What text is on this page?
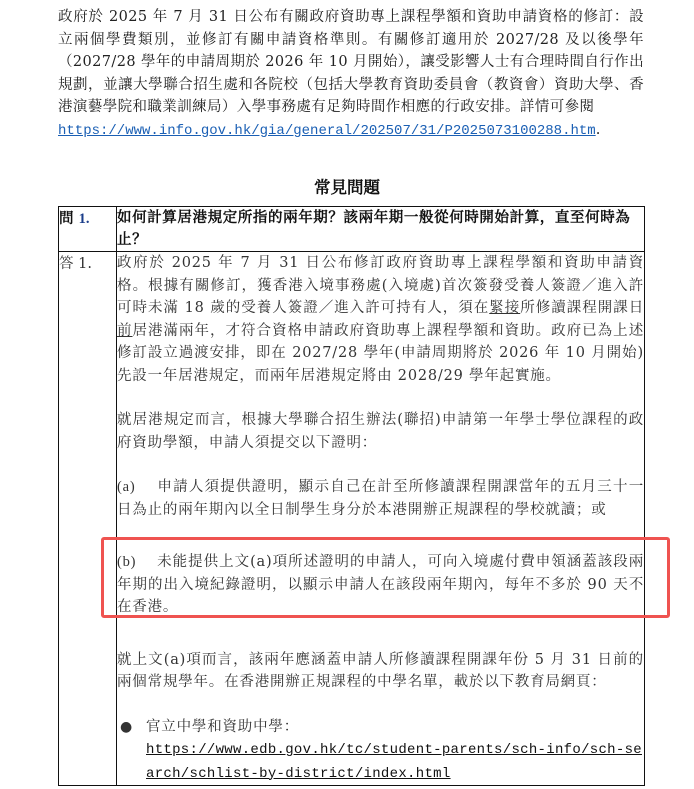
政府於 2025 年 7 月 31 日公布有關政府資助專上課程學額和資助申請資格的修訂：設立兩個學費類別，並修訂有關申請資格準則。有關修訂適用於 2027/28 及以後學年（2027/28 學年的申請周期於 2026 年 10 月開始），讓受影響人士有合理時間自行作出規劃，並讓大學聯合招生處和各院校（包括大學教育資助委員會（教資會）資助大學、香港演藝學院和職業訓練局）入學事務處有足夠時間作相應的行政安排。詳情可參閱
https://www.info.gov.hk/gia/general/202507/31/P2025073100288.htm.
常見問題
問 1.	如何計算居港規定所指的兩年期？該兩年期一般從何時開始計算，直至何時為止？
答 1.	政府於 2025 年 7 月 31 日公布修訂政府資助專上課程學額和資助申請資格。根據有關修訂，獲香港入境事務處(入境處)首次簽發受養人簽證／進入許可時未滿 18 歲的受養人簽證／進入許可持有人，須在緊接所修讀課程開課日前居港滿兩年，才符合資格申請政府資助專上課程學額和資助。政府已為上述修訂設立過渡安排，即在 2027/28 學年(申請周期將於 2026 年 10 月開始)先設一年居港規定，而兩年居港規定將由 2028/29 學年起實施。

就居港規定而言，根據大學聯合招生辦法(聯招)申請第一年學士學位課程的政府資助學額，申請人須提交以下證明：

(a) 申請人須提供證明，顯示自己在計至所修讀課程開課當年的五月三十一日為止的兩年期內以全日制學生身分於本港開辦正規課程的學校就讀；或

(b) 未能提供上文(a)項所述證明的申請人，可向入境處付費申領涵蓋該段兩年期的出入境紀錄證明，以顯示申請人在該段兩年期內，每年不多於 90 天不在香港。

就上文(a)項而言，該兩年應涵蓋申請人所修讀課程開課年份 5 月 31 日前的兩個常規學年。在香港開辦正規課程的中學名單，載於以下教育局網頁：

● 官立中學和資助中學：
https://www.edb.gov.hk/tc/student-parents/sch-info/sch-search/schlist-by-district/index.html
